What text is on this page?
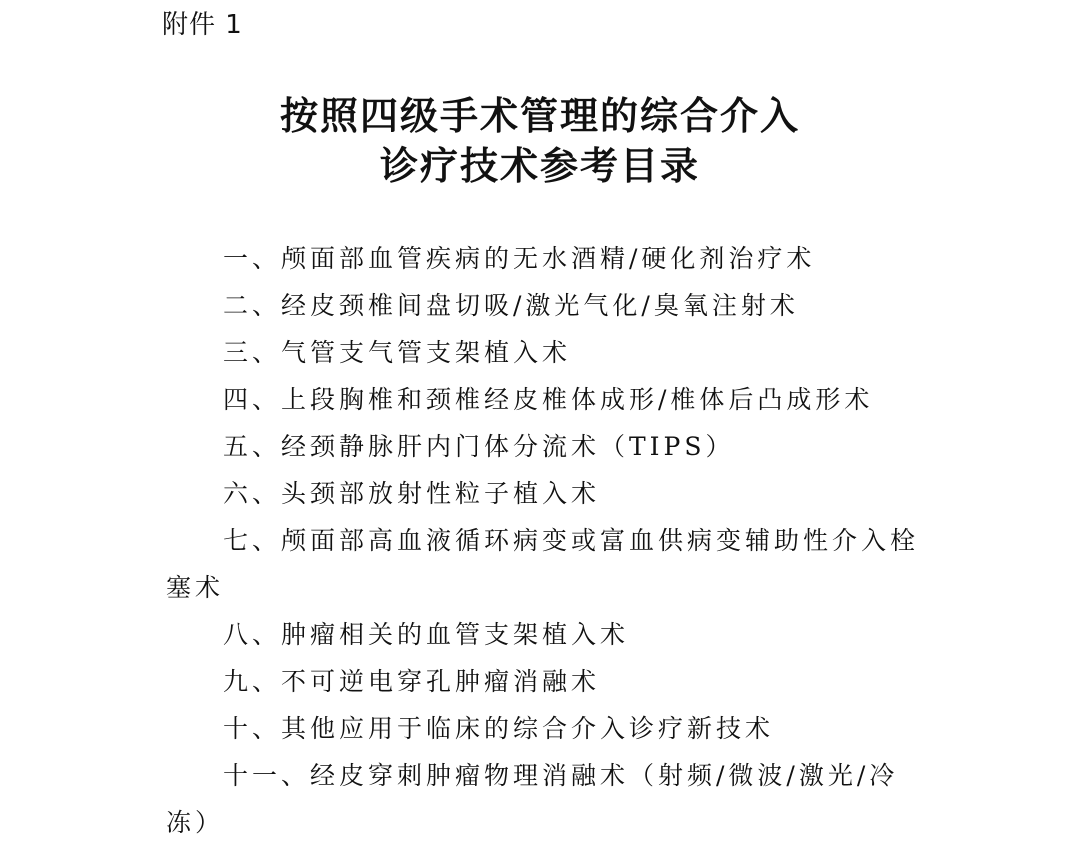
附件 1
按照四级手术管理的综合介入
诊疗技术参考目录
一、颅面部血管疾病的无水酒精/硬化剂治疗术
二、经皮颈椎间盘切吸/激光气化/臭氧注射术
三、气管支气管支架植入术
四、上段胸椎和颈椎经皮椎体成形/椎体后凸成形术
五、经颈静脉肝内门体分流术（TIPS）
六、头颈部放射性粒子植入术
七、颅面部高血液循环病变或富血供病变辅助性介入栓
塞术
八、肿瘤相关的血管支架植入术
九、不可逆电穿孔肿瘤消融术
十、其他应用于临床的综合介入诊疗新技术
十一、经皮穿刺肿瘤物理消融术（射频/微波/激光/冷
冻）
